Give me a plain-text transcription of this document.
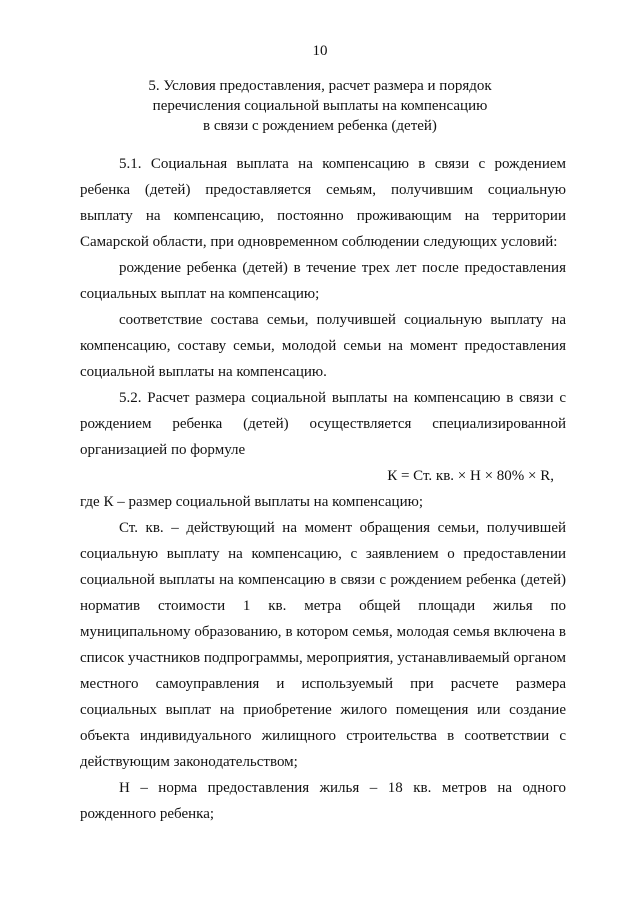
10
5. Условия предоставления, расчет размера и порядок
перечисления социальной выплаты на компенсацию
в связи с рождением ребенка (детей)

5.1. Социальная выплата на компенсацию в связи с рождением ребенка (детей) предоставляется семьям, получившим социальную выплату на компенсацию, постоянно проживающим на территории Самарской области, при одновременном соблюдении следующих условий:

рождение ребенка (детей) в течение трех лет после предоставления социальных выплат на компенсацию;

соответствие состава семьи, получившей социальную выплату на компенсацию, составу семьи, молодой семьи на момент предоставления социальной выплаты на компенсацию.

5.2. Расчет размера социальной выплаты на компенсацию в связи с рождением ребенка (детей) осуществляется специализированной организацией по формуле

К = Ст. кв. × Н × 80% × R,

где К – размер социальной выплаты на компенсацию;

Ст. кв. – действующий на момент обращения семьи, получившей социальную выплату на компенсацию, с заявлением о предоставлении социальной выплаты на компенсацию в связи с рождением ребенка (детей) норматив стоимости 1 кв. метра общей площади жилья по муниципальному образованию, в котором семья, молодая семья включена в список участников подпрограммы, мероприятия, устанавливаемый органом местного самоуправления и используемый при расчете размера социальных выплат на приобретение жилого помещения или создание объекта индивидуального жилищного строительства в соответствии с действующим законодательством;

Н – норма предоставления жилья – 18 кв. метров на одного рожденного ребенка;
